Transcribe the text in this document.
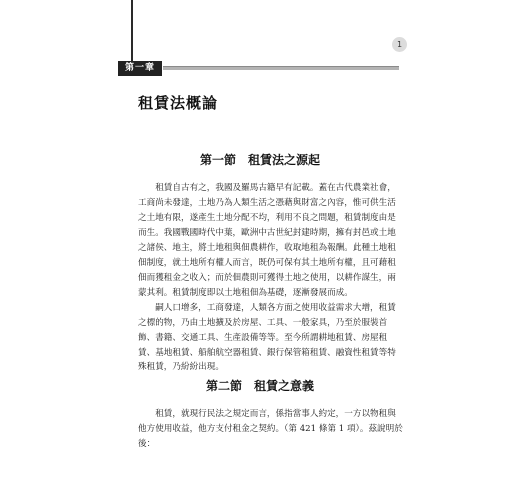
1
第一章
租賃法概論
第一節　租賃法之源起
　　租賃自古有之，我國及羅馬古籍早有記載。蓋在古代農業社會，
工商尚未發達，土地乃為人類生活之憑藉與財富之內容，惟可供生活
之土地有限，遂產生土地分配不均，利用不良之問題，租賃制度由是
而生。我國戰國時代中葉，歐洲中古世紀封建時期，擁有封邑或土地
之諸侯、地主，將土地租與佃農耕作，收取地租為報酬。此種土地租
佃制度，就土地所有權人而言，既仍可保有其土地所有權，且可藉租
佃而獲租金之收入；而於佃農則可獲得土地之使用，以耕作謀生，兩
蒙其利。租賃制度即以土地租佃為基礎，逐漸發展而成。
　　嗣人口增多，工商發達，人類各方面之使用收益需求大增，租賃
之標的物，乃由土地擴及於房屋、工具、一般家具，乃至於服裝首
飾、書籍、交通工具、生產設備等等。至今所謂耕地租賃、房屋租
賃、基地租賃、船舶航空器租賃、銀行保管箱租賃、融資性租賃等特
殊租賃，乃紛紛出現。
第二節　租賃之意義
　　租賃，就現行民法之規定而言，係指當事人約定，一方以物租與
他方使用收益，他方支付租金之契約。（第 421 條第 1 項）。茲說明於
後：
